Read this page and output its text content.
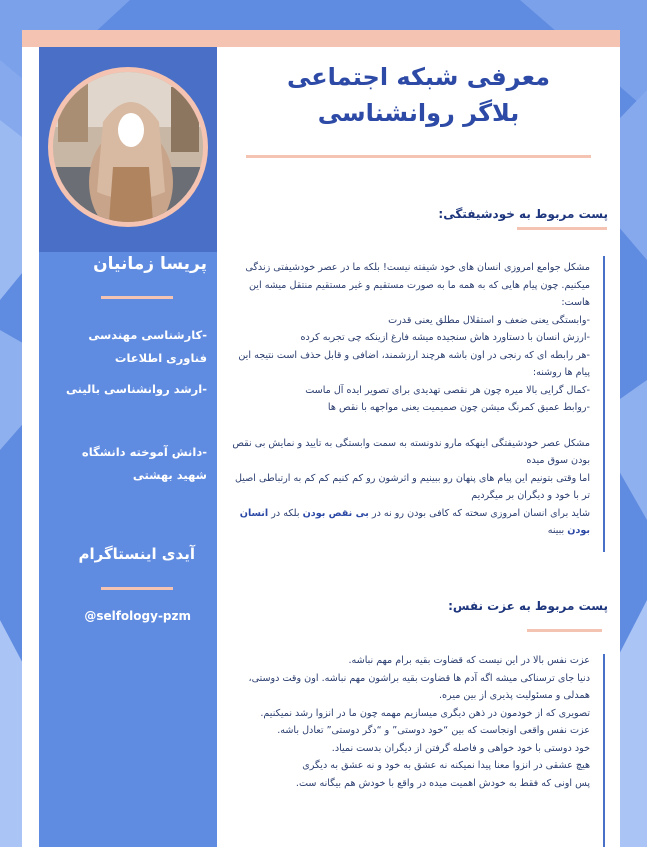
پریسا زمانیان
-کارشناسی مهندسی فناوری اطلاعات
-ارشد روانشناسی بالینی
-دانش آموخته دانشگاه شهید بهشتی
آیدی اینستاگرام
@selfology-pzm
معرفی شبکه اجتماعی
بلاگر روانشناسی
پست مربوط به خودشیفتگی:

مشکل جوامع امروزی انسان های خود شیفته نیست! بلکه ما در عصر خودشیفتی زندگی میکنیم. چون پیام هایی که به همه ما به صورت مستقیم و غیر مستقیم منتقل میشه این هاست:

-وابستگی یعنی ضعف و استقلال مطلق یعنی قدرت

-ارزش انسان با دستاورد هاش سنجیده میشه فارغ ازینکه چی تجربه کرده

-هر رابطه ای که رنجی در اون باشه هرچند ارزشمند، اضافی و قابل حذف است نتیجه این پیام ها روشنه:

-کمال گرایی بالا میره چون هر نقصی تهدیدی برای تصویر ایده آل ماست

-روابط عمیق کمرنگ میشن چون صمیمیت یعنی مواجهه با نقص ها

مشکل عصر خودشیفتگی اینهکه مارو ندونسته به سمت وابستگی به تایید و نمایش بی نقص بودن سوق میده

اما وقتی بتونیم این پیام های پنهان رو ببینیم و اثرشون رو کم کنیم کم کم به ارتباطی اصیل تر با خود و دیگران بر میگردیم

شاید برای انسان امروزی سخته که کافی بودن رو نه در بی نقص بودن بلکه در انسان بودن ببینه

پست مربوط به عزت نفس:

عزت نفس بالا در این نیست که قضاوت بقیه برام مهم نباشه.

دنیا جای ترسناکی میشه اگه آدم ها قضاوت بقیه براشون مهم نباشه. اون وقت دوستی، همدلی و مسئولیت پذیری از بین میره.

تصویری که از خودمون در ذهن دیگری میسازیم مهمه چون ما در انزوا رشد نمیکنیم.

عزت نفس واقعی اونجاست که بین “خود دوستی” و “دگر دوستی” تعادل باشه.

خود دوستی با خود خواهی و فاصله گرفتن از دیگران بدست نمیاد.

هیچ عشقی در انزوا معنا پیدا نمیکنه نه عشق به خود و نه عشق به دیگری

پس اونی که فقط به خودش اهمیت میده در واقع با خودش هم بیگانه ست.
